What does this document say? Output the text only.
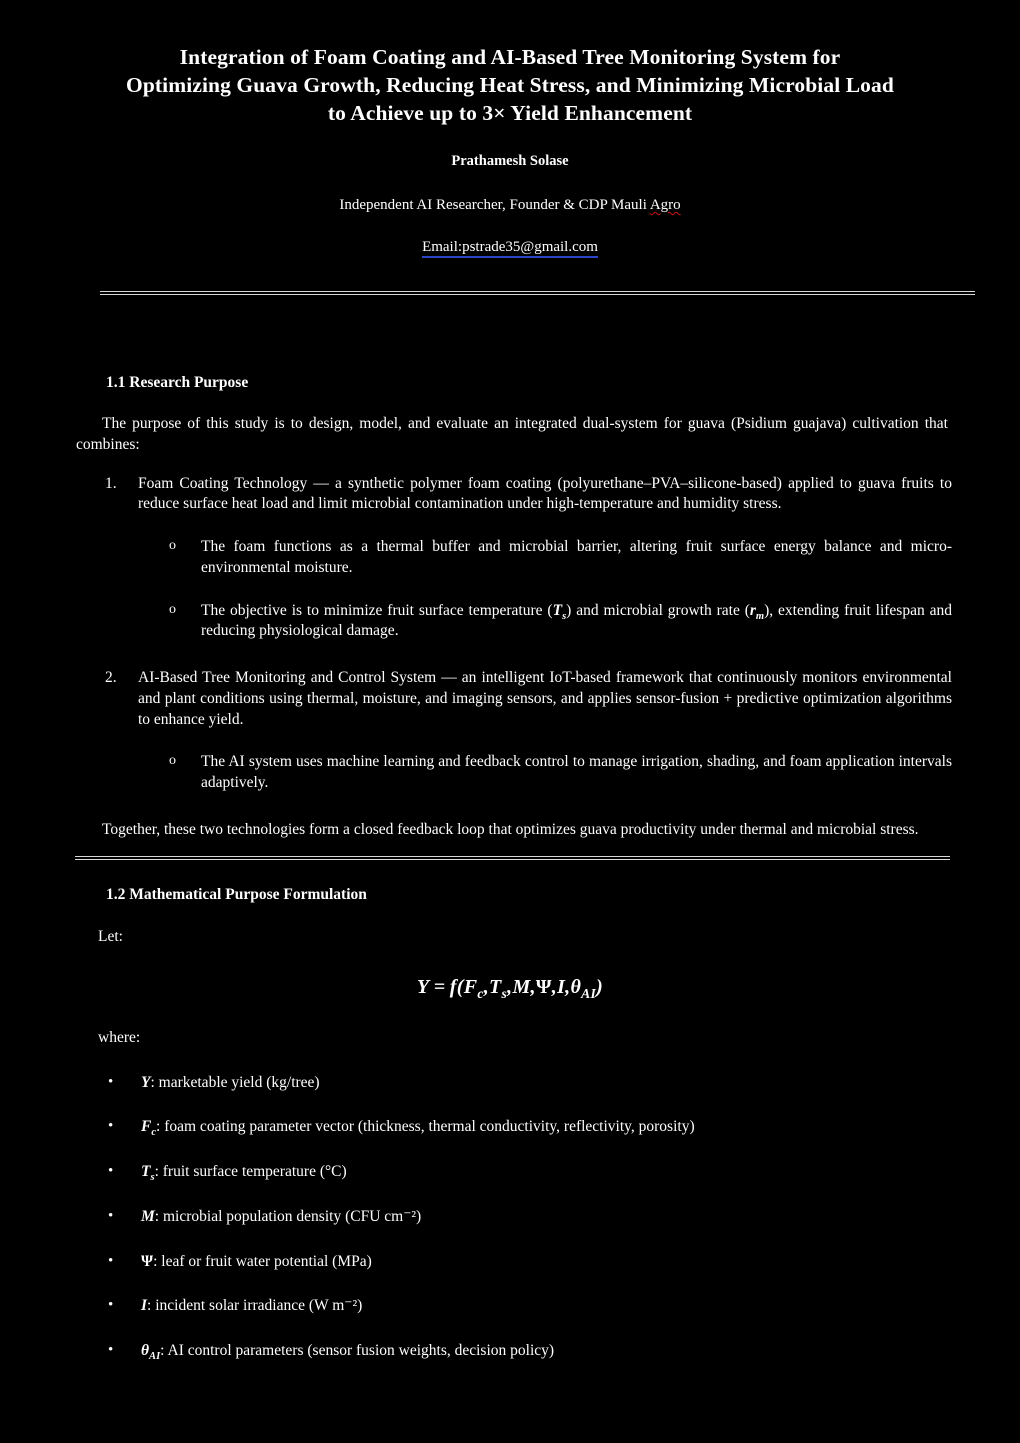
Integration of Foam Coating and AI-Based Tree Monitoring System for
Optimizing Guava Growth, Reducing Heat Stress, and Minimizing Microbial Load
to Achieve up to 3× Yield Enhancement
Prathamesh Solase
Independent AI Researcher, Founder & CDP Mauli Agro
Email:pstrade35@gmail.com
1.1 Research Purpose

The purpose of this study is to design, model, and evaluate an integrated dual-system for guava (Psidium guajava) cultivation that combines:

1.	Foam Coating Technology — a synthetic polymer foam coating (polyurethane–PVA–silicone-based) applied to guava fruits to reduce surface heat load and limit microbial contamination under high-temperature and humidity stress.
o The foam functions as a thermal buffer and microbial barrier, altering fruit surface energy balance and micro-environmental moisture.
o The objective is to minimize fruit surface temperature $(T_s)$ and microbial growth rate $(r_m)$, extending fruit lifespan and reducing physiological damage.
2.	AI-Based Tree Monitoring and Control System — an intelligent IoT-based framework that continuously monitors environmental and plant conditions using thermal, moisture, and imaging sensors, and applies sensor-fusion + predictive optimization algorithms to enhance yield.
o The AI system uses machine learning and feedback control to manage irrigation, shading, and foam application intervals adaptively.

Together, these two technologies form a closed feedback loop that optimizes guava productivity under thermal and microbial stress.

1.2 Mathematical Purpose Formulation
Let:
$Y = f(F_c,T_s,M,\Psi,I,\theta_{AI})$
where:
• Y: marketable yield (kg/tree)
• $F_c$: foam coating parameter vector (thickness, thermal conductivity, reflectivity, porosity)
• $T_s$: fruit surface temperature (°C)
• M: microbial population density (CFU cm⁻²)
• Ψ: leaf or fruit water potential (MPa)
• I: incident solar irradiance (W m⁻²)
• $\theta_{AI}$: AI control parameters (sensor fusion weights, decision policy)
